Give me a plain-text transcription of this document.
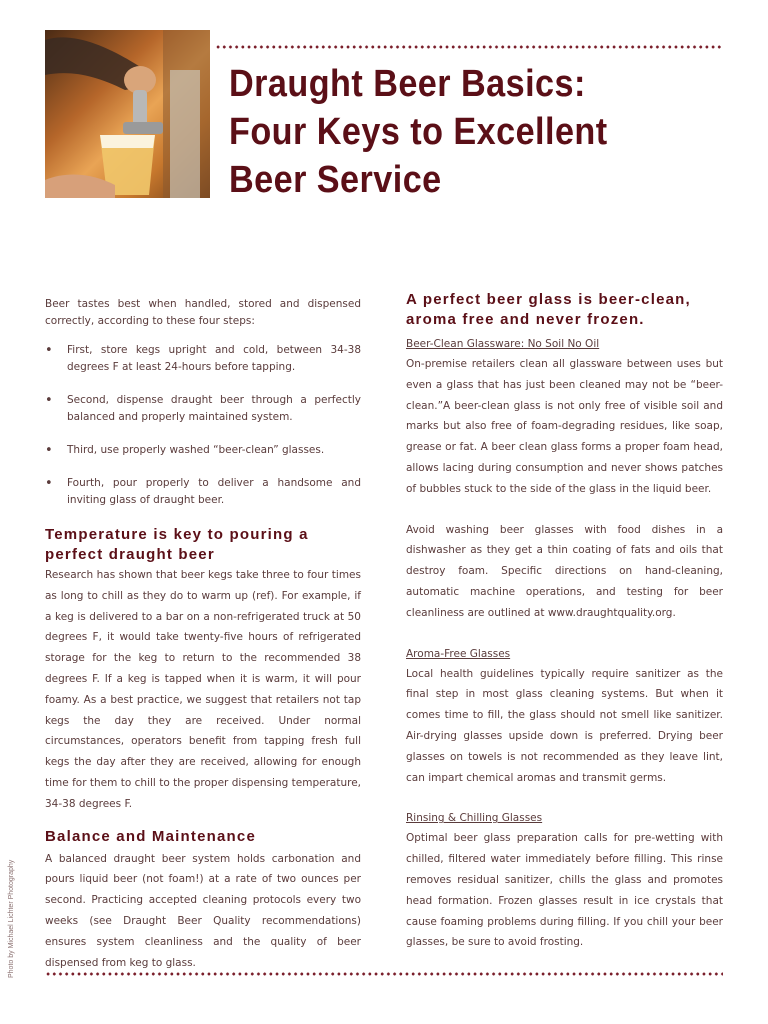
Draught Beer Basics:
Four Keys to Excellent
Beer Service

Beer tastes best when handled, stored and dispensed correctly, according to these four steps:

• First, store kegs upright and cold, between 34-38 degrees F at least 24-hours before tapping.
• Second, dispense draught beer through a perfectly balanced and properly maintained system.
• Third, use properly washed “beer-clean” glasses.
• Fourth, pour properly to deliver a handsome and inviting glass of draught beer.
Temperature is key to pouring a perfect draught beer

Research has shown that beer kegs take three to four times as long to chill as they do to warm up (ref). For example, if a keg is delivered to a bar on a non-refrigerated truck at 50 degrees F, it would take twenty-five hours of refrigerated storage for the keg to return to the recommended 38 degrees F. If a keg is tapped when it is warm, it will pour foamy. As a best practice, we suggest that retailers not tap kegs the day they are received. Under normal circumstances, operators benefit from tapping fresh full kegs the day after they are received, allowing for enough time for them to chill to the proper dispensing temperature, 34-38 degrees F.

Balance and Maintenance

A balanced draught beer system holds carbonation and pours liquid beer (not foam!) at a rate of two ounces per second. Practicing accepted cleaning protocols every two weeks (see Draught Beer Quality recommendations) ensures system cleanliness and the quality of beer dispensed from keg to glass.

A perfect beer glass is beer-clean, aroma free and never frozen.
Beer-Clean Glassware: No Soil No Oil

On-premise retailers clean all glassware between uses but even a glass that has just been cleaned may not be “beer-clean.”A beer-clean glass is not only free of visible soil and marks but also free of foam-degrading residues, like soap, grease or fat. A beer clean glass forms a proper foam head, allows lacing during consumption and never shows patches of bubbles stuck to the side of the glass in the liquid beer.

Avoid washing beer glasses with food dishes in a dishwasher as they get a thin coating of fats and oils that destroy foam. Specific directions on hand-cleaning, automatic machine operations, and testing for beer cleanliness are outlined at www.draughtquality.org.

Aroma-Free Glasses

Local health guidelines typically require sanitizer as the final step in most glass cleaning systems. But when it comes time to fill, the glass should not smell like sanitizer. Air-drying glasses upside down is preferred. Drying beer glasses on towels is not recommended as they leave lint, can impart chemical aromas and transmit germs.

Rinsing & Chilling Glasses

Optimal beer glass preparation calls for pre-wetting with chilled, filtered water immediately before filling. This rinse removes residual sanitizer, chills the glass and promotes head formation. Frozen glasses result in ice crystals that cause foaming problems during filling. If you chill your beer glasses, be sure to avoid frosting.

Photo by Michael Lichter Photography
